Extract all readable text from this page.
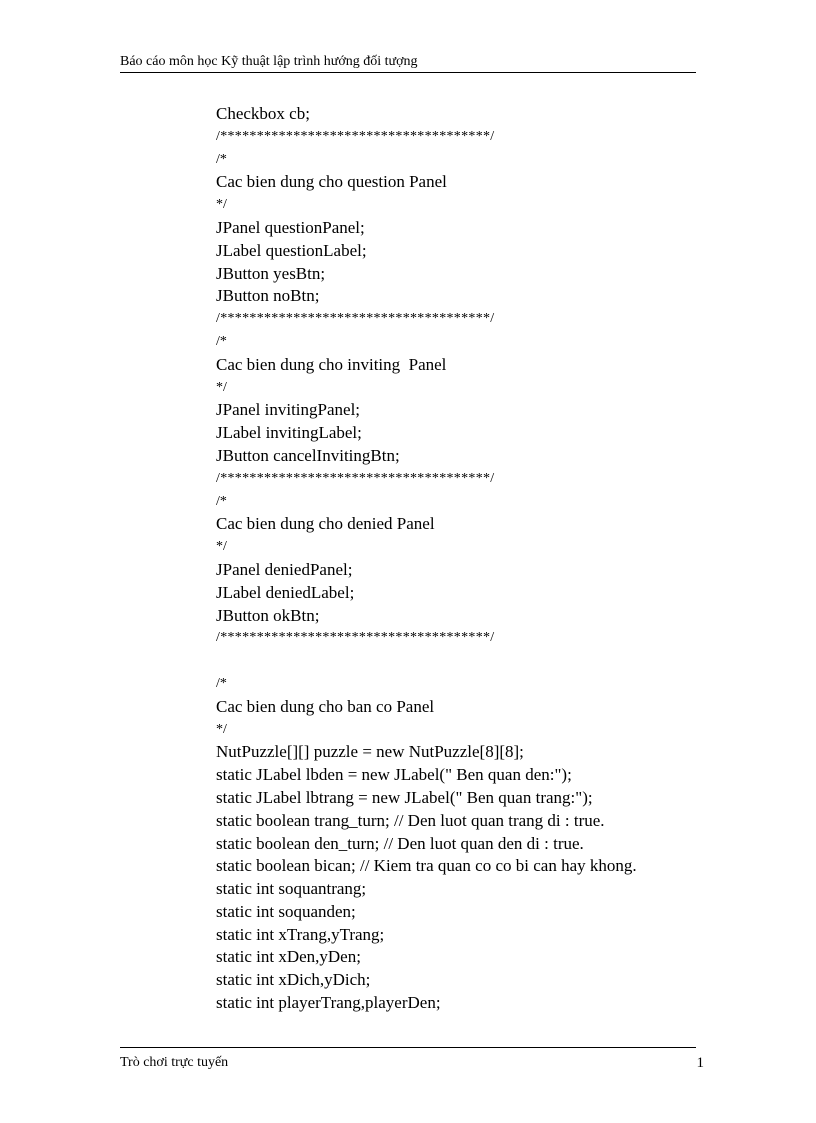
Báo cáo môn học Kỹ thuật lập trình hướng đối tượng
Checkbox cb;
/*************************************/
/*
Cac bien dung cho question Panel
*/
JPanel questionPanel;
JLabel questionLabel;
JButton yesBtn;
JButton noBtn;
/*************************************/
/*
Cac bien dung cho inviting  Panel
*/
JPanel invitingPanel;
JLabel invitingLabel;
JButton cancelInvitingBtn;
/*************************************/
/*
Cac bien dung cho denied Panel
*/
JPanel deniedPanel;
JLabel deniedLabel;
JButton okBtn;
/*************************************/
/*
Cac bien dung cho ban co Panel
*/
NutPuzzle[][] puzzle = new NutPuzzle[8][8];
static JLabel lbden = new JLabel(" Ben quan den:");
static JLabel lbtrang = new JLabel(" Ben quan trang:");
static boolean trang_turn; // Den luot quan trang di : true.
static boolean den_turn; // Den luot quan den di : true.
static boolean bican; // Kiem tra quan co co bi can hay khong.
static int soquantrang;
static int soquanden;
static int xTrang,yTrang;
static int xDen,yDen;
static int xDich,yDich;
static int playerTrang,playerDen;
Trò chơi trực tuyến	1
